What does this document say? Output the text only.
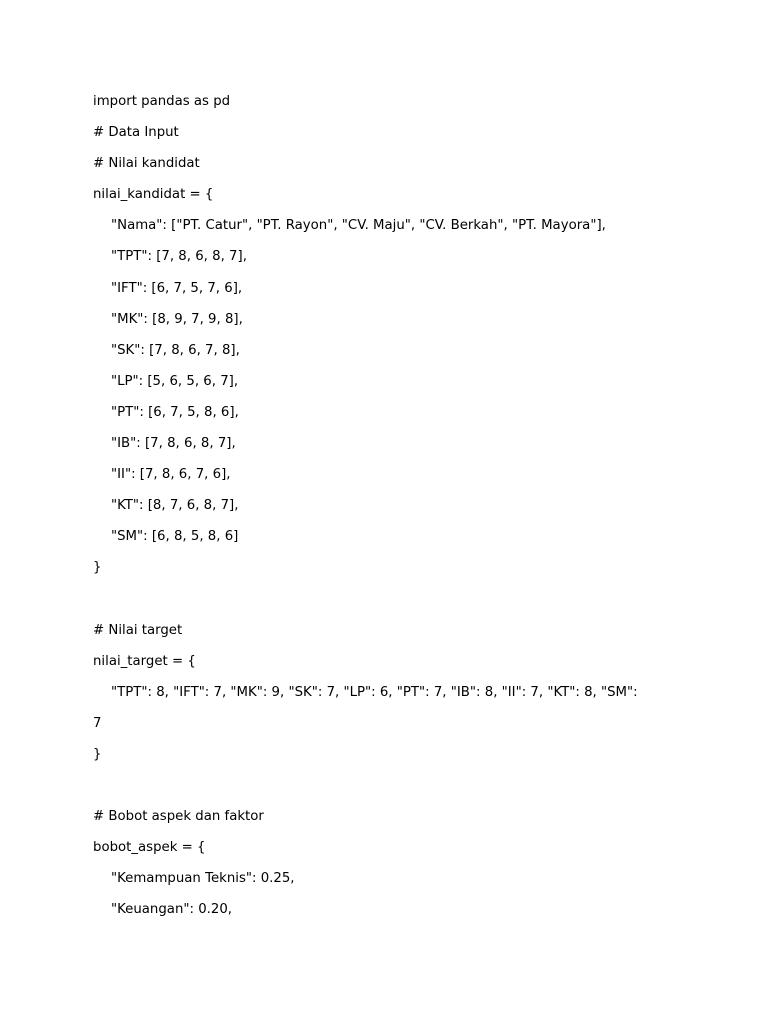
import pandas as pd
# Data Input
# Nilai kandidat
nilai_kandidat = {
"Nama": ["PT. Catur", "PT. Rayon", "CV. Maju", "CV. Berkah", "PT. Mayora"],
"TPT": [7, 8, 6, 8, 7],
"IFT": [6, 7, 5, 7, 6],
"MK": [8, 9, 7, 9, 8],
"SK": [7, 8, 6, 7, 8],
"LP": [5, 6, 5, 6, 7],
"PT": [6, 7, 5, 8, 6],
"IB": [7, 8, 6, 8, 7],
"II": [7, 8, 6, 7, 6],
"KT": [8, 7, 6, 8, 7],
"SM": [6, 8, 5, 8, 6]
}
# Nilai target
nilai_target = {
"TPT": 8, "IFT": 7, "MK": 9, "SK": 7, "LP": 6, "PT": 7, "IB": 8, "II": 7, "KT": 8, "SM":
7
}
# Bobot aspek dan faktor
bobot_aspek = {
"Kemampuan Teknis": 0.25,
"Keuangan": 0.20,
